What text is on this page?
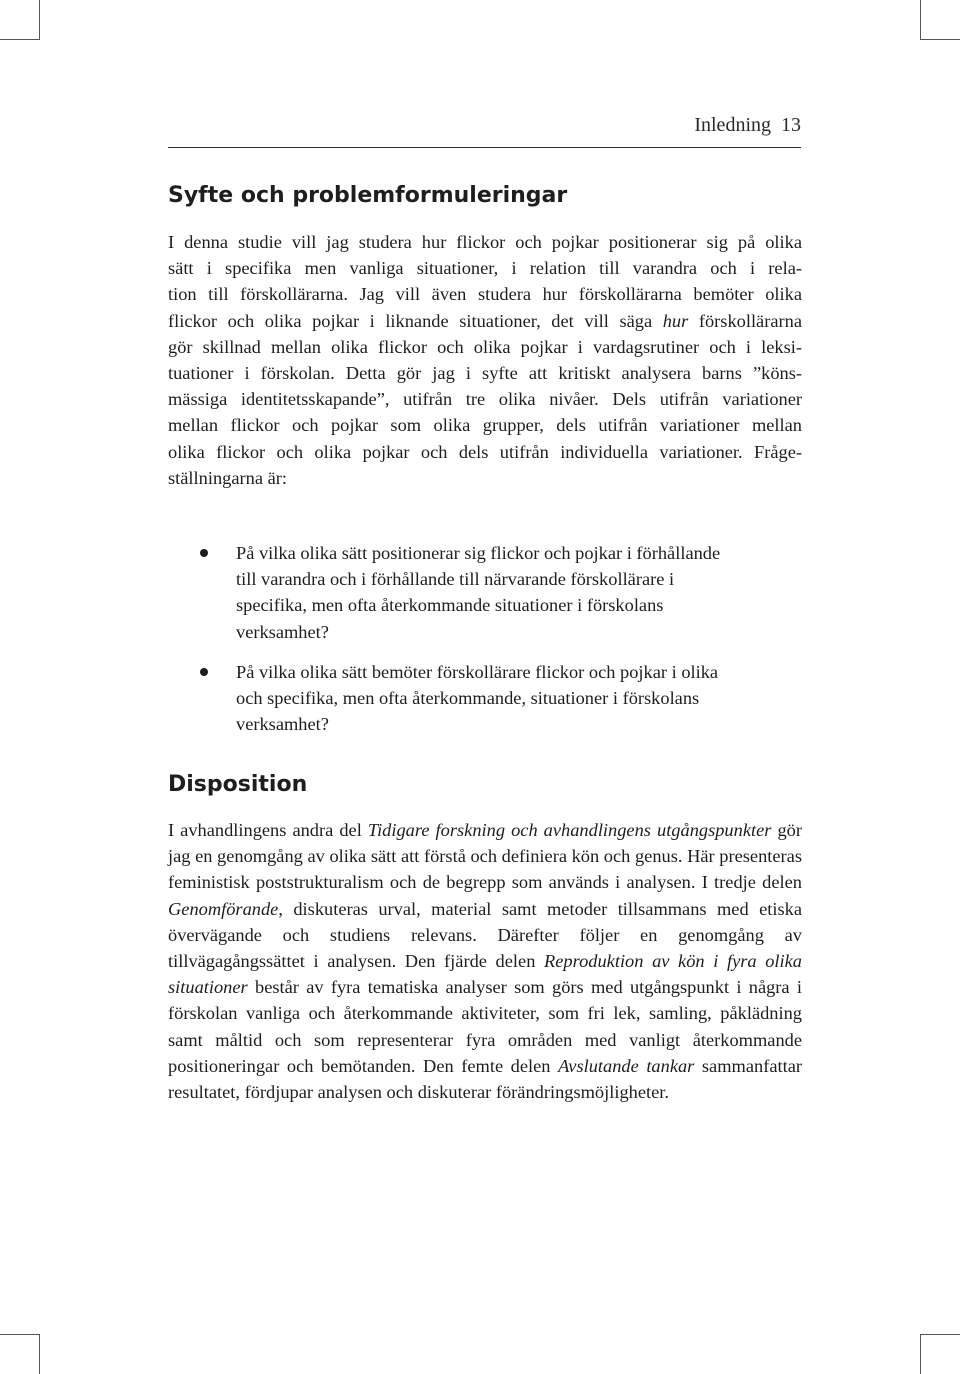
Inledning 13
Syfte och problemformuleringar
I denna studie vill jag studera hur flickor och pojkar positionerar sig på olika
sätt i specifika men vanliga situationer, i relation till varandra och i rela-
tion till förskollärarna. Jag vill även studera hur förskollärarna bemöter olika
flickor och olika pojkar i liknande situationer, det vill säga hur förskollärarna
gör skillnad mellan olika flickor och olika pojkar i vardagsrutiner och i leksi-
tuationer i förskolan. Detta gör jag i syfte att kritiskt analysera barns ”köns-
mässiga identitetsskapande”, utifrån tre olika nivåer. Dels utifrån variationer
mellan flickor och pojkar som olika grupper, dels utifrån variationer mellan
olika flickor och olika pojkar och dels utifrån individuella variationer. Fråge-
ställningarna är:
På vilka olika sätt positionerar sig flickor och pojkar i förhållande till varandra och i förhållande till närvarande förskollärare i specifika, men ofta återkommande situationer i förskolans verksamhet?
På vilka olika sätt bemöter förskollärare flickor och pojkar i olika och specifika, men ofta återkommande, situationer i förskolans verksamhet?
Disposition

I avhandlingens andra del Tidigare forskning och avhandlingens utgångspunkter gör jag en genomgång av olika sätt att förstå och definiera kön och genus. Här presenteras feministisk poststrukturalism och de begrepp som används i analysen. I tredje delen Genomförande, diskuteras urval, material samt metoder tillsammans med etiska övervägande och studiens relevans. Därefter följer en genomgång av tillvägagångssättet i analysen. Den fjärde delen Reproduktion av kön i fyra olika situationer består av fyra tematiska analyser som görs med utgångspunkt i några i förskolan vanliga och återkommande aktiviteter, som fri lek, samling, påklädning samt måltid och som representerar fyra områden med vanligt återkommande positioneringar och bemötanden. Den femte delen Avslutande tankar sammanfattar resultatet, fördjupar analysen och diskuterar förändringsmöjligheter.
